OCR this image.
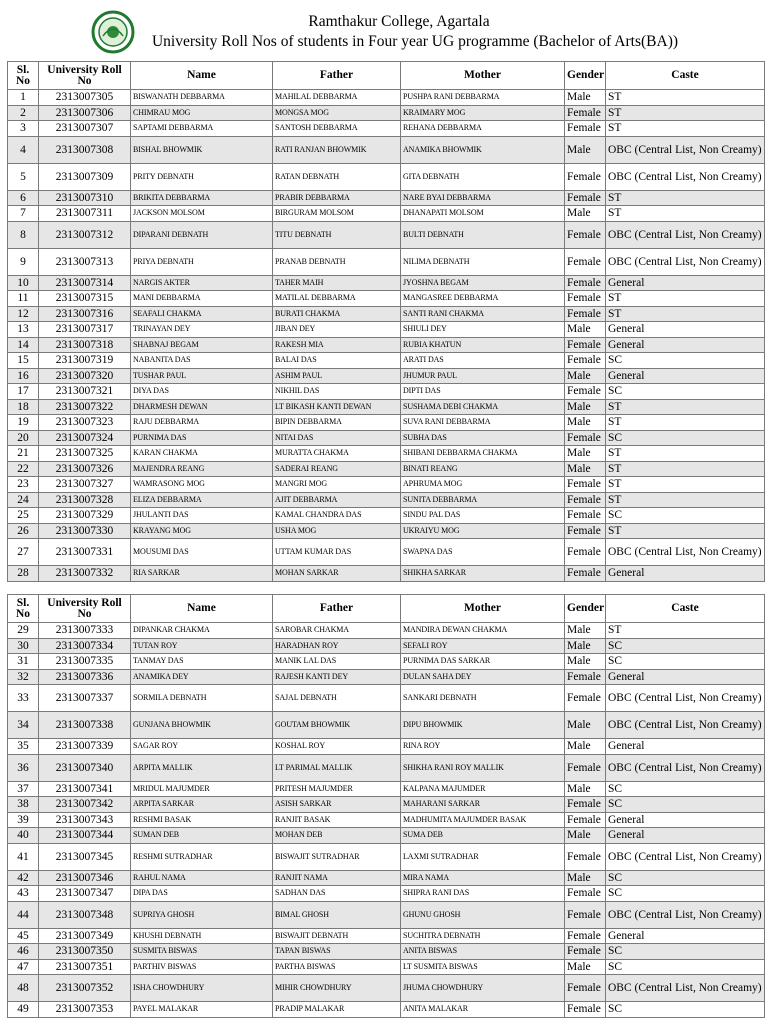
Ramthakur College, Agartala
University Roll Nos of students in Four year UG programme (Bachelor of Arts(BA))
Sl. No	University Roll No	Name	Father	Mother	Gender	Caste
1	2313007305	BISWANATH DEBBARMA	MAHILAL DEBBARMA	PUSHPA RANI DEBBARMA	Male	ST
2	2313007306	CHIMRAU MOG	MONGSA MOG	KRAIMARY MOG	Female	ST
3	2313007307	SAPTAMI DEBBARMA	SANTOSH DEBBARMA	REHANA DEBBARMA	Female	ST
4	2313007308	BISHAL BHOWMIK	RATI RANJAN BHOWMIK	ANAMIKA BHOWMIK	Male	OBC (Central List, Non Creamy)
5	2313007309	PRITY DEBNATH	RATAN DEBNATH	GITA DEBNATH	Female	OBC (Central List, Non Creamy)
6	2313007310	BRIKITA DEBBARMA	PRABIR DEBBARMA	NARE BYAI DEBBARMA	Female	ST
7	2313007311	JACKSON MOLSOM	BIRGURAM MOLSOM	DHANAPATI MOLSOM	Male	ST
8	2313007312	DIPARANI DEBNATH	TITU DEBNATH	BULTI DEBNATH	Female	OBC (Central List, Non Creamy)
9	2313007313	PRIYA DEBNATH	PRANAB DEBNATH	NILIMA DEBNATH	Female	OBC (Central List, Non Creamy)
10	2313007314	NARGIS AKTER	TAHER MAIH	JYOSHNA BEGAM	Female	General
11	2313007315	MANI DEBBARMA	MATILAL DEBBARMA	MANGASREE DEBBARMA	Female	ST
12	2313007316	SEAFALI CHAKMA	BURATI CHAKMA	SANTI RANI CHAKMA	Female	ST
13	2313007317	TRINAYAN DEY	JIBAN DEY	SHIULI DEY	Male	General
14	2313007318	SHABNAJ BEGAM	RAKESH MIA	RUBIA KHATUN	Female	General
15	2313007319	NABANITA DAS	BALAI DAS	ARATI DAS	Female	SC
16	2313007320	TUSHAR PAUL	ASHIM PAUL	JHUMUR PAUL	Male	General
17	2313007321	DIYA DAS	NIKHIL DAS	DIPTI DAS	Female	SC
18	2313007322	DHARMESH DEWAN	LT BIKASH KANTI DEWAN	SUSHAMA DEBI CHAKMA	Male	ST
19	2313007323	RAJU DEBBARMA	BIPIN DEBBARMA	SUVA RANI DEBBARMA	Male	ST
20	2313007324	PURNIMA DAS	NITAI DAS	SUBHA DAS	Female	SC
21	2313007325	KARAN CHAKMA	MURATTA CHAKMA	SHIBANI DEBBARMA CHAKMA	Male	ST
22	2313007326	MAJENDRA REANG	SADERAI REANG	BINATI REANG	Male	ST
23	2313007327	WAMRASONG MOG	MANGRI MOG	APHRUMA MOG	Female	ST
24	2313007328	ELIZA DEBBARMA	AJIT DEBBARMA	SUNITA DEBBARMA	Female	ST
25	2313007329	JHULANTI DAS	KAMAL CHANDRA DAS	SINDU PAL DAS	Female	SC
26	2313007330	KRAYANG MOG	USHA MOG	UKRAIYU MOG	Female	ST
27	2313007331	MOUSUMI DAS	UTTAM KUMAR DAS	SWAPNA DAS	Female	OBC (Central List, Non Creamy)
28	2313007332	RIA SARKAR	MOHAN SARKAR	SHIKHA SARKAR	Female	General
Sl. No	University Roll No	Name	Father	Mother	Gender	Caste
29	2313007333	DIPANKAR CHAKMA	SAROBAR CHAKMA	MANDIRA DEWAN CHAKMA	Male	ST
30	2313007334	TUTAN ROY	HARADHAN ROY	SEFALI ROY	Male	SC
31	2313007335	TANMAY DAS	MANIK LAL DAS	PURNIMA DAS SARKAR	Male	SC
32	2313007336	ANAMIKA DEY	RAJESH KANTI DEY	DULAN SAHA DEY	Female	General
33	2313007337	SORMILA DEBNATH	SAJAL DEBNATH	SANKARI DEBNATH	Female	OBC (Central List, Non Creamy)
34	2313007338	GUNJANA BHOWMIK	GOUTAM BHOWMIK	DIPU BHOWMIK	Male	OBC (Central List, Non Creamy)
35	2313007339	SAGAR ROY	KOSHAL ROY	RINA ROY	Male	General
36	2313007340	ARPITA MALLIK	LT PARIMAL MALLIK	SHIKHA RANI ROY MALLIK	Female	OBC (Central List, Non Creamy)
37	2313007341	MRIDUL MAJUMDER	PRITESH MAJUMDER	KALPANA MAJUMDER	Male	SC
38	2313007342	ARPITA SARKAR	ASISH SARKAR	MAHARANI SARKAR	Female	SC
39	2313007343	RESHMI BASAK	RANJIT BASAK	MADHUMITA MAJUMDER BASAK	Female	General
40	2313007344	SUMAN DEB	MOHAN DEB	SUMA DEB	Male	General
41	2313007345	RESHMI SUTRADHAR	BISWAJIT SUTRADHAR	LAXMI SUTRADHAR	Female	OBC (Central List, Non Creamy)
42	2313007346	RAHUL NAMA	RANJIT NAMA	MIRA NAMA	Male	SC
43	2313007347	DIPA DAS	SADHAN DAS	SHIPRA RANI DAS	Female	SC
44	2313007348	SUPRIYA GHOSH	BIMAL GHOSH	GHUNU GHOSH	Female	OBC (Central List, Non Creamy)
45	2313007349	KHUSHI DEBNATH	BISWAJIT DEBNATH	SUCHITRA DEBNATH	Female	General
46	2313007350	SUSMITA BISWAS	TAPAN BISWAS	ANITA BISWAS	Female	SC
47	2313007351	PARTHIV BISWAS	PARTHA BISWAS	LT SUSMITA BISWAS	Male	SC
48	2313007352	ISHA CHOWDHURY	MIHIR CHOWDHURY	JHUMA CHOWDHURY	Female	OBC (Central List, Non Creamy)
49	2313007353	PAYEL MALAKAR	PRADIP MALAKAR	ANITA MALAKAR	Female	SC
